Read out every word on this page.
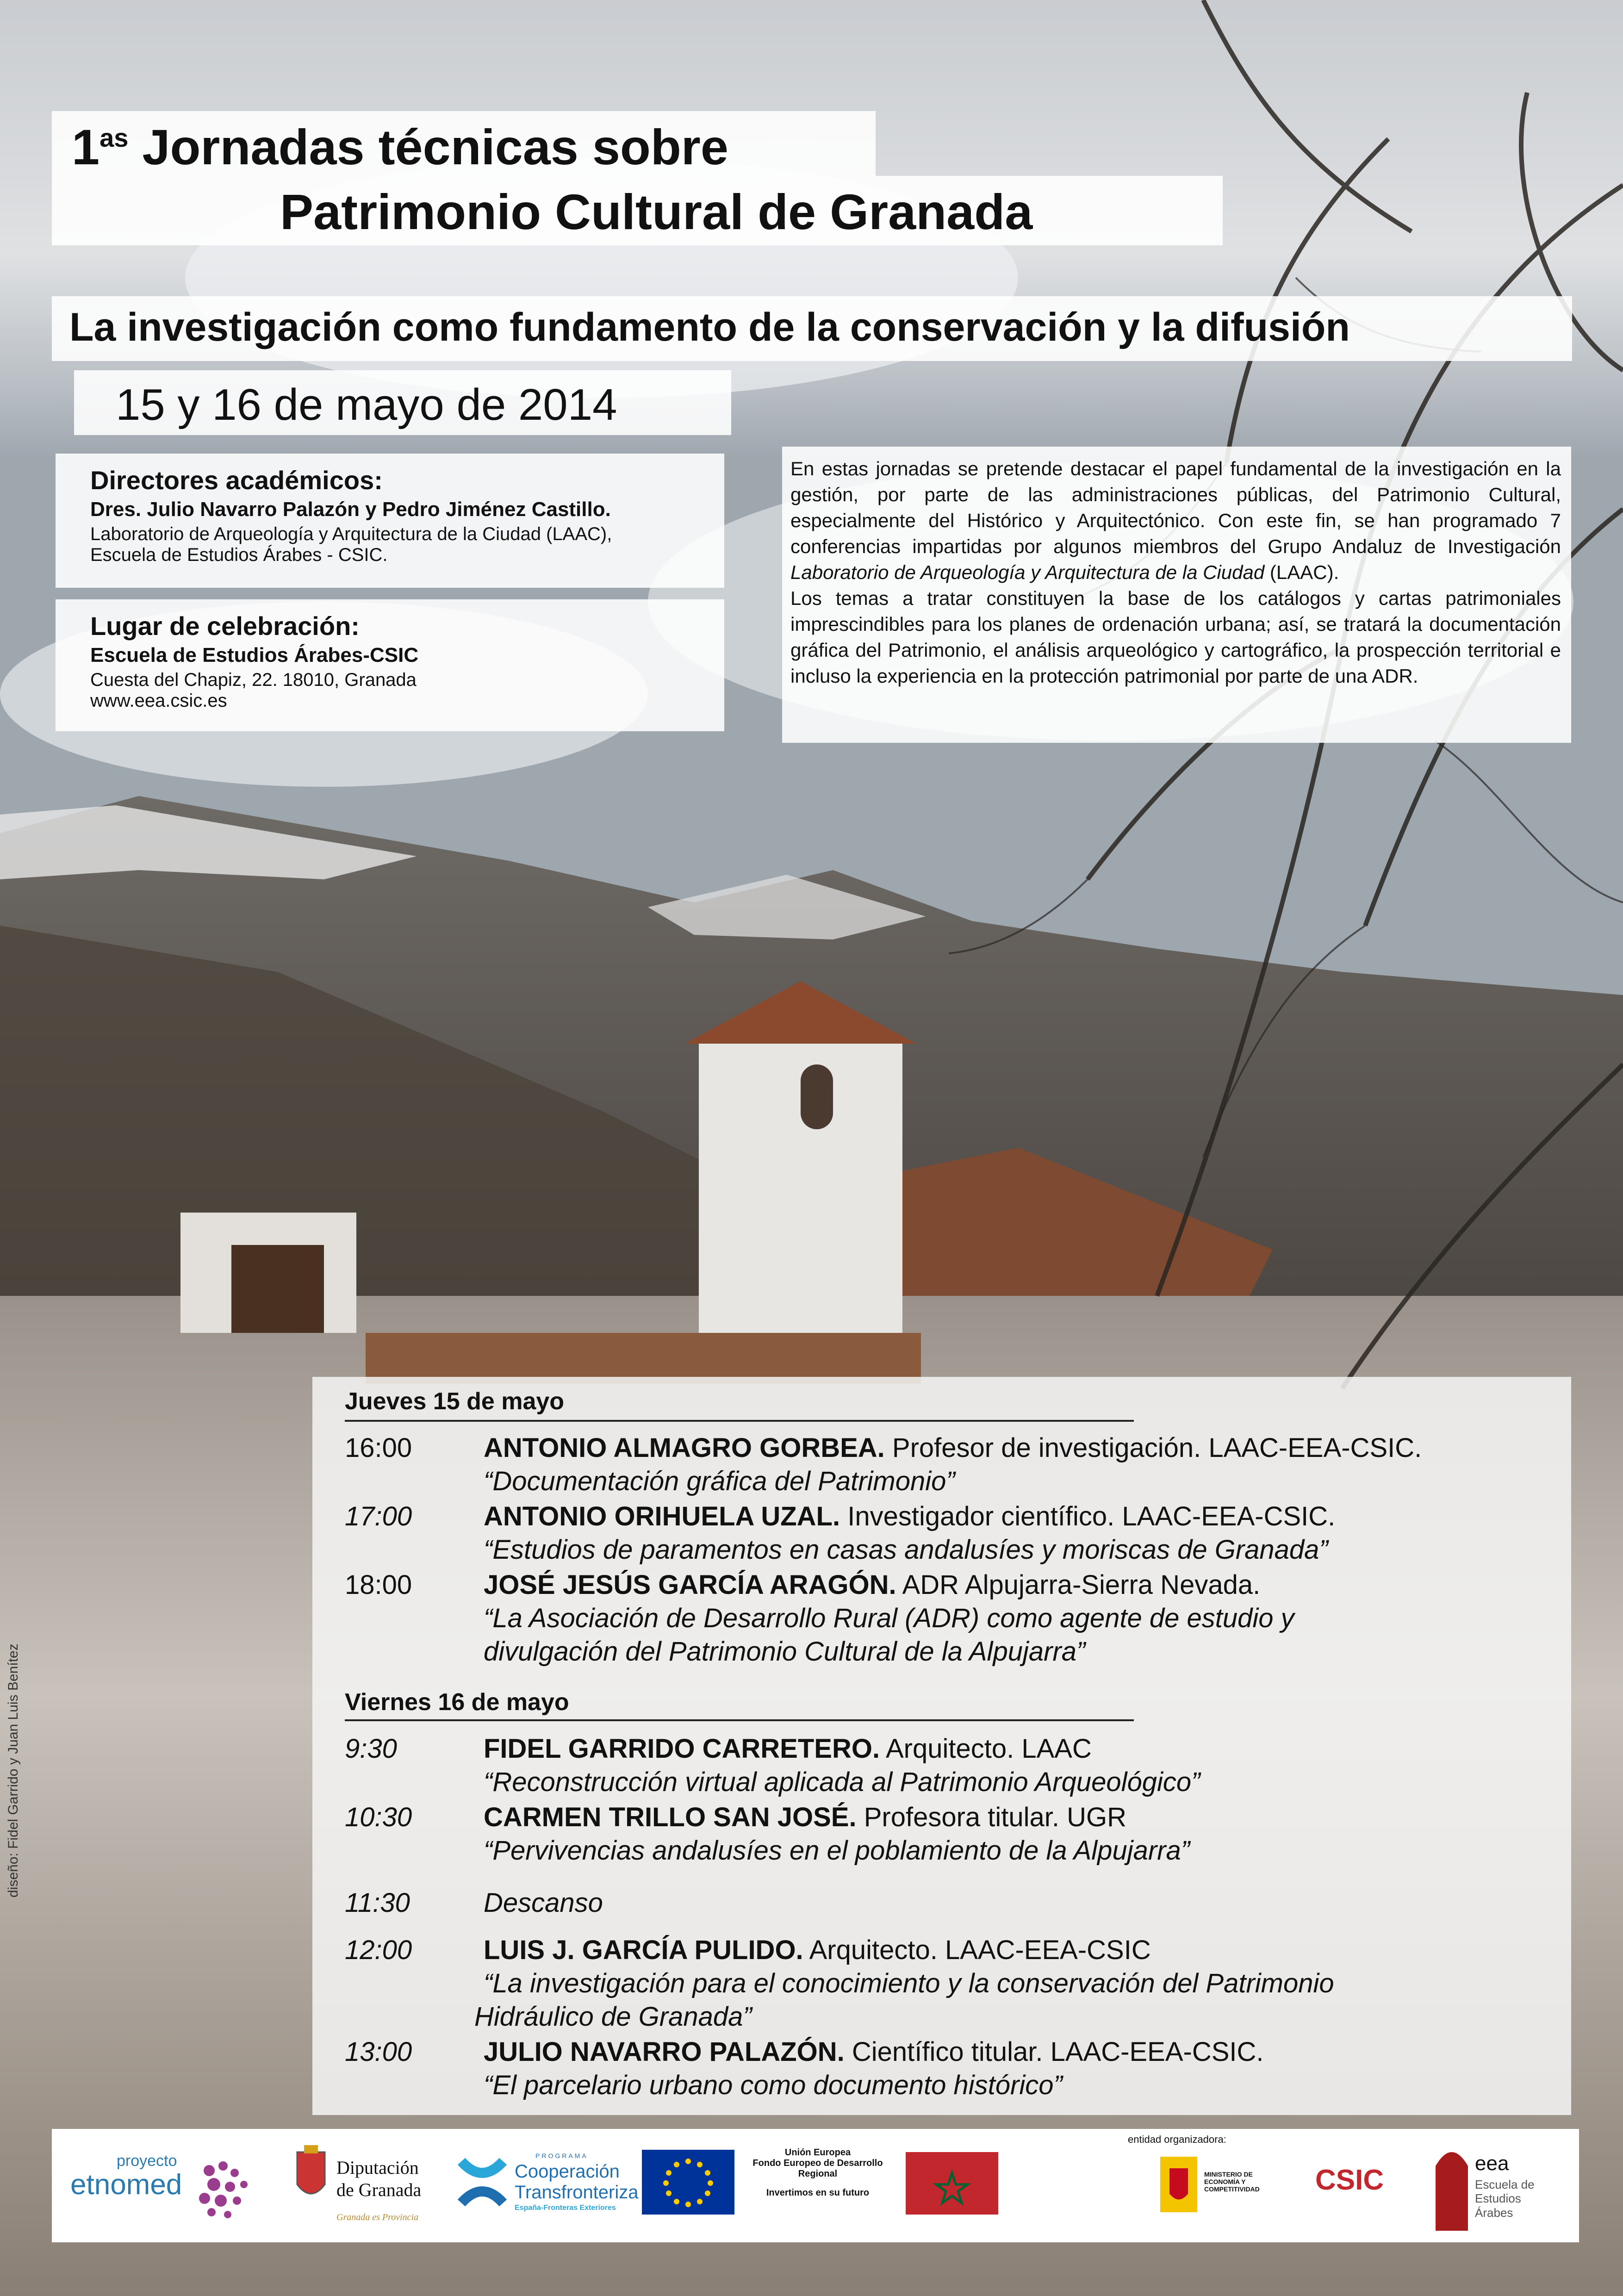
$1^{as}$ Jornadas técnicas sobre
Patrimonio Cultural de Granada
La investigación como fundamento de la conservación y la difusión
15 y 16 de mayo de 2014

Directores académicos:

Dres. Julio Navarro Palazón y Pedro Jiménez Castillo.

Laboratorio de Arqueología y Arquitectura de la Ciudad (LAAC),

Escuela de Estudios Árabes - CSIC.

Lugar de celebración:

Escuela de Estudios Árabes-CSIC

Cuesta del Chapiz, 22. 18010, Granada

www.eea.csic.es

En estas jornadas se pretende destacar el papel fundamental de la investigación en la gestión, por parte de las administraciones públicas, del Patrimonio Cultural, especialmente del Histórico y Arquitectónico. Con este fin, se han programado 7 conferencias impartidas por algunos miembros del Grupo Andaluz de Investigación Laboratorio de Arqueología y Arquitectura de la Ciudad (LAAC).

Los temas a tratar constituyen la base de los catálogos y cartas patrimoniales imprescindibles para los planes de ordenación urbana; así, se tratará la documentación gráfica del Patrimonio, el análisis arqueológico y cartográfico, la prospección territorial e incluso la experiencia en la protección patrimonial por parte de una ADR.

Jueves 15 de mayo
16:00	ANTONIO ALMAGRO GORBEA. Profesor de investigación. LAAC-EEA-CSIC.
“Documentación gráfica del Patrimonio”
17:00	ANTONIO ORIHUELA UZAL. Investigador científico. LAAC-EEA-CSIC.
“Estudios de paramentos en casas andalusíes y moriscas de Granada”
18:00	JOSÉ JESÚS GARCÍA ARAGÓN. ADR Alpujarra-Sierra Nevada.
“La Asociación de Desarrollo Rural (ADR) como agente de estudio y
divulgación del Patrimonio Cultural de la Alpujarra”
Viernes 16 de mayo
9:30	FIDEL GARRIDO CARRETERO. Arquitecto. LAAC
“Reconstrucción virtual aplicada al Patrimonio Arqueológico”
10:30	CARMEN TRILLO SAN JOSÉ. Profesora titular. UGR
“Pervivencias andalusíes en el poblamiento de la Alpujarra”
11:30	Descanso
12:00	LUIS J. GARCÍA PULIDO. Arquitecto. LAAC-EEA-CSIC
“La investigación para el conocimiento y la conservación del Patrimonio
Hidráulico de Granada”
13:00	JULIO NAVARRO PALAZÓN. Científico titular. LAAC-EEA-CSIC.
“El parcelario urbano como documento histórico”
diseño: Fidel Garrido y Juan Luis Benítez
proyecto
etnomed
Diputación
de Granada
Granada es Provincia
PROGRAMA
Cooperación
Transfronteriza
España-Fronteras Exteriores
Unión Europea
Fondo Europeo de Desarrollo
Regional
Invertimos en su futuro
entidad organizadora:
MINISTERIO DE ECONOMÍA Y COMPETITIVIDAD	CSIC
eea
Escuela de
Estudios Árabes
